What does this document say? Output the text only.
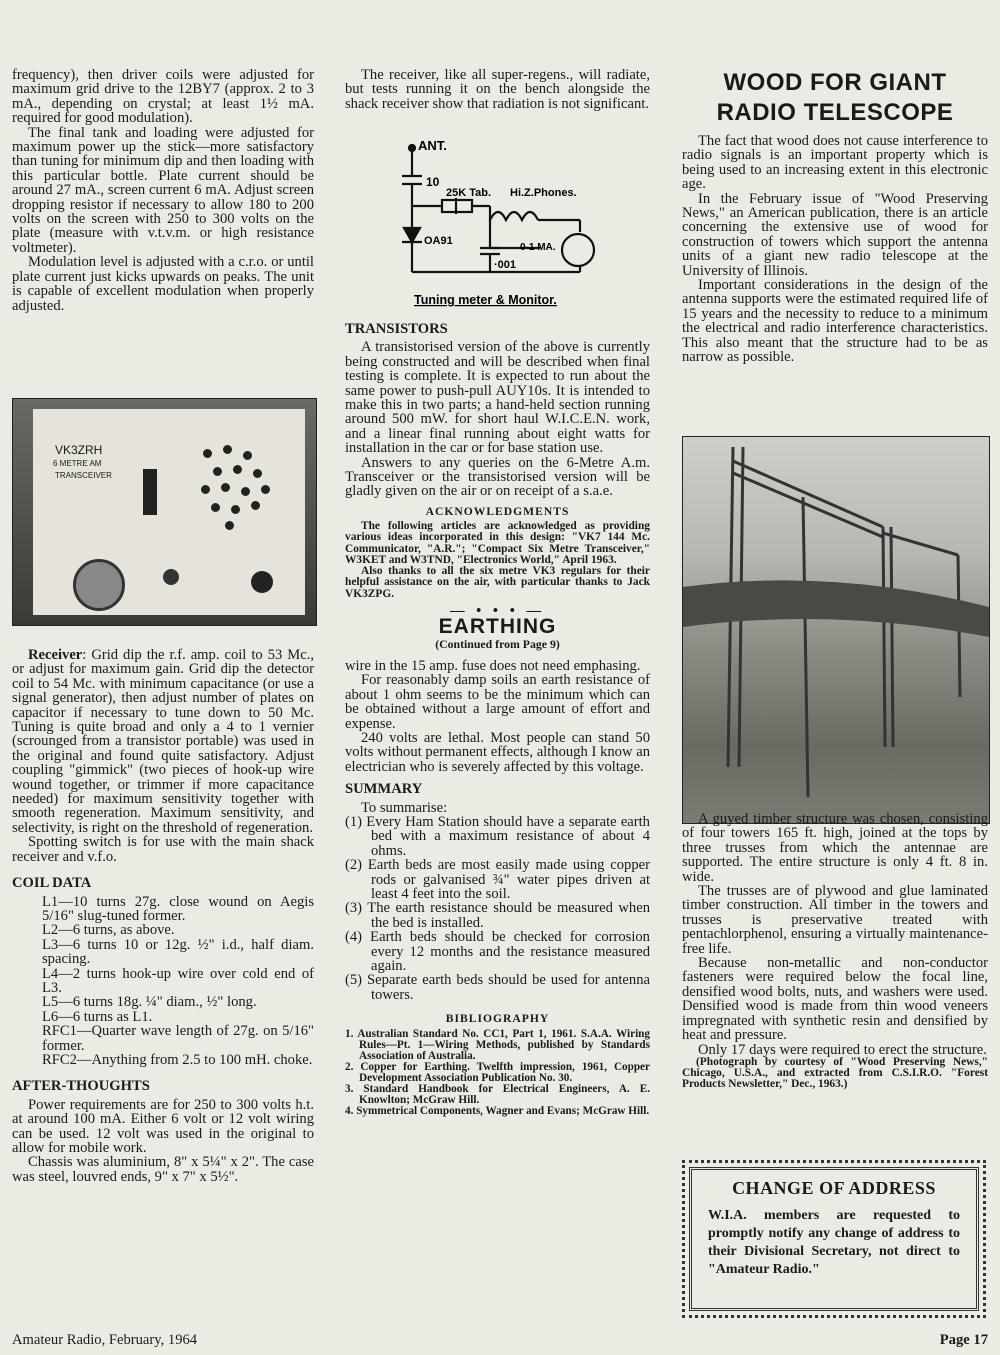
frequency), then driver coils were adjusted for maximum grid drive to the 12BY7 (approx. 2 to 3 mA., depending on crystal; at least 1½ mA. required for good modulation).

The final tank and loading were adjusted for maximum power up the stick—more satisfactory than tuning for minimum dip and then loading with this particular bottle. Plate current should be around 27 mA., screen current 6 mA. Adjust screen dropping resistor if necessary to allow 180 to 200 volts on the screen with 250 to 300 volts on the plate (measure with v.t.v.m. or high resistance voltmeter).

Modulation level is adjusted with a c.r.o. or until plate current just kicks upwards on peaks. The unit is capable of excellent modulation when properly adjusted.

VK3ZRH
6 METRE AM
TRANSCEIVER

Receiver: Grid dip the r.f. amp. coil to 53 Mc., or adjust for maximum gain. Grid dip the detector coil to 54 Mc. with minimum capacitance (or use a signal generator), then adjust number of plates on capacitor if necessary to tune down to 50 Mc. Tuning is quite broad and only a 4 to 1 vernier (scrounged from a transistor portable) was used in the original and found quite satisfactory. Adjust coupling "gimmick" (two pieces of hook-up wire wound together, or trimmer if more capacitance needed) for maximum sensitivity together with smooth regeneration. Maximum sensitivity, and selectivity, is right on the threshold of regeneration.

Spotting switch is for use with the main shack receiver and v.f.o.

COIL DATA

L1—10 turns 27g. close wound on Aegis 5/16" slug-tuned former.

L2—6 turns, as above.

L3—6 turns 10 or 12g. ½" i.d., half diam. spacing.

L4—2 turns hook-up wire over cold end of L3.

L5—6 turns 18g. ¼" diam., ½" long.

L6—6 turns as L1.

RFC1—Quarter wave length of 27g. on 5/16" former.

RFC2—Anything from 2.5 to 100 mH. choke.

AFTER-THOUGHTS

Power requirements are for 250 to 300 volts h.t. at around 100 mA. Either 6 volt or 12 volt wiring can be used. 12 volt was used in the original to allow for mobile work.

Chassis was aluminium, 8" x 5¼" x 2". The case was steel, louvred ends, 9" x 7" x 5½".

The receiver, like all super-regens., will radiate, but tests running it on the bench alongside the shack receiver show that radiation is not significant.

ANT.
10
25K Tab. Hi.Z.Phones.
OA91
·001
0-1 MA.
Tuning meter & Monitor.
TRANSISTORS

A transistorised version of the above is currently being constructed and will be described when final testing is complete. It is expected to run about the same power to push-pull AUY10s. It is intended to make this in two parts; a hand-held section running around 500 mW. for short haul W.I.C.E.N. work, and a linear final running about eight watts for installation in the car or for base station use.

Answers to any queries on the 6-Metre A.m. Transceiver or the transistorised version will be gladly given on the air or on receipt of a s.a.e.

ACKNOWLEDGMENTS

The following articles are acknowledged as providing various ideas incorporated in this design: "VK7 144 Mc. Communicator, "A.R."; "Compact Six Metre Transceiver," W3KET and W3TND, "Electronics World," April 1963.

Also thanks to all the six metre VK3 regulars for their helpful assistance on the air, with particular thanks to Jack VK3ZPG.

— • • • —
EARTHING
(Continued from Page 9)

wire in the 15 amp. fuse does not need emphasing.

For reasonably damp soils an earth resistance of about 1 ohm seems to be the minimum which can be obtained without a large amount of effort and expense.

240 volts are lethal. Most people can stand 50 volts without permanent effects, although I know an electrician who is severely affected by this voltage.

SUMMARY

To summarise:

(1) Every Ham Station should have a separate earth bed with a maximum resistance of about 4 ohms.

(2) Earth beds are most easily made using copper rods or galvanised ¾" water pipes driven at least 4 feet into the soil.

(3) The earth resistance should be measured when the bed is installed.

(4) Earth beds should be checked for corrosion every 12 months and the resistance measured again.

(5) Separate earth beds should be used for antenna towers.

BIBLIOGRAPHY

1. Australian Standard No. CC1, Part 1, 1961. S.A.A. Wiring Rules—Pt. 1—Wiring Methods, published by Standards Association of Australia.

2. Copper for Earthing. Twelfth impression, 1961, Copper Development Association Publication No. 30.

3. Standard Handbook for Electrical Engineers, A. E. Knowlton; McGraw Hill.

4. Symmetrical Components, Wagner and Evans; McGraw Hill.

WOOD FOR GIANT RADIO TELESCOPE

The fact that wood does not cause interference to radio signals is an important property which is being used to an increasing extent in this electronic age.

In the February issue of "Wood Preserving News," an American publication, there is an article concerning the extensive use of wood for construction of towers which support the antenna units of a giant new radio telescope at the University of Illinois.

Important considerations in the design of the antenna supports were the estimated required life of 15 years and the necessity to reduce to a minimum the electrical and radio interference characteristics. This also meant that the structure had to be as narrow as possible.

A guyed timber structure was chosen, consisting of four towers 165 ft. high, joined at the tops by three trusses from which the antennae are supported. The entire structure is only 4 ft. 8 in. wide.

The trusses are of plywood and glue laminated timber construction. All timber in the towers and trusses is preservative treated with pentachlorphenol, ensuring a virtually maintenance-free life.

Because non-metallic and non-conductor fasteners were required below the focal line, densified wood bolts, nuts, and washers were used. Densified wood is made from thin wood veneers impregnated with synthetic resin and densified by heat and pressure.

Only 17 days were required to erect the structure.

(Photograph by courtesy of "Wood Preserving News," Chicago, U.S.A., and extracted from C.S.I.R.O. "Forest Products Newsletter," Dec., 1963.)

CHANGE OF ADDRESS

W.I.A. members are requested to promptly notify any change of address to their Divisional Secretary, not direct to "Amateur Radio."

Amateur Radio, February, 1964	Page 17
